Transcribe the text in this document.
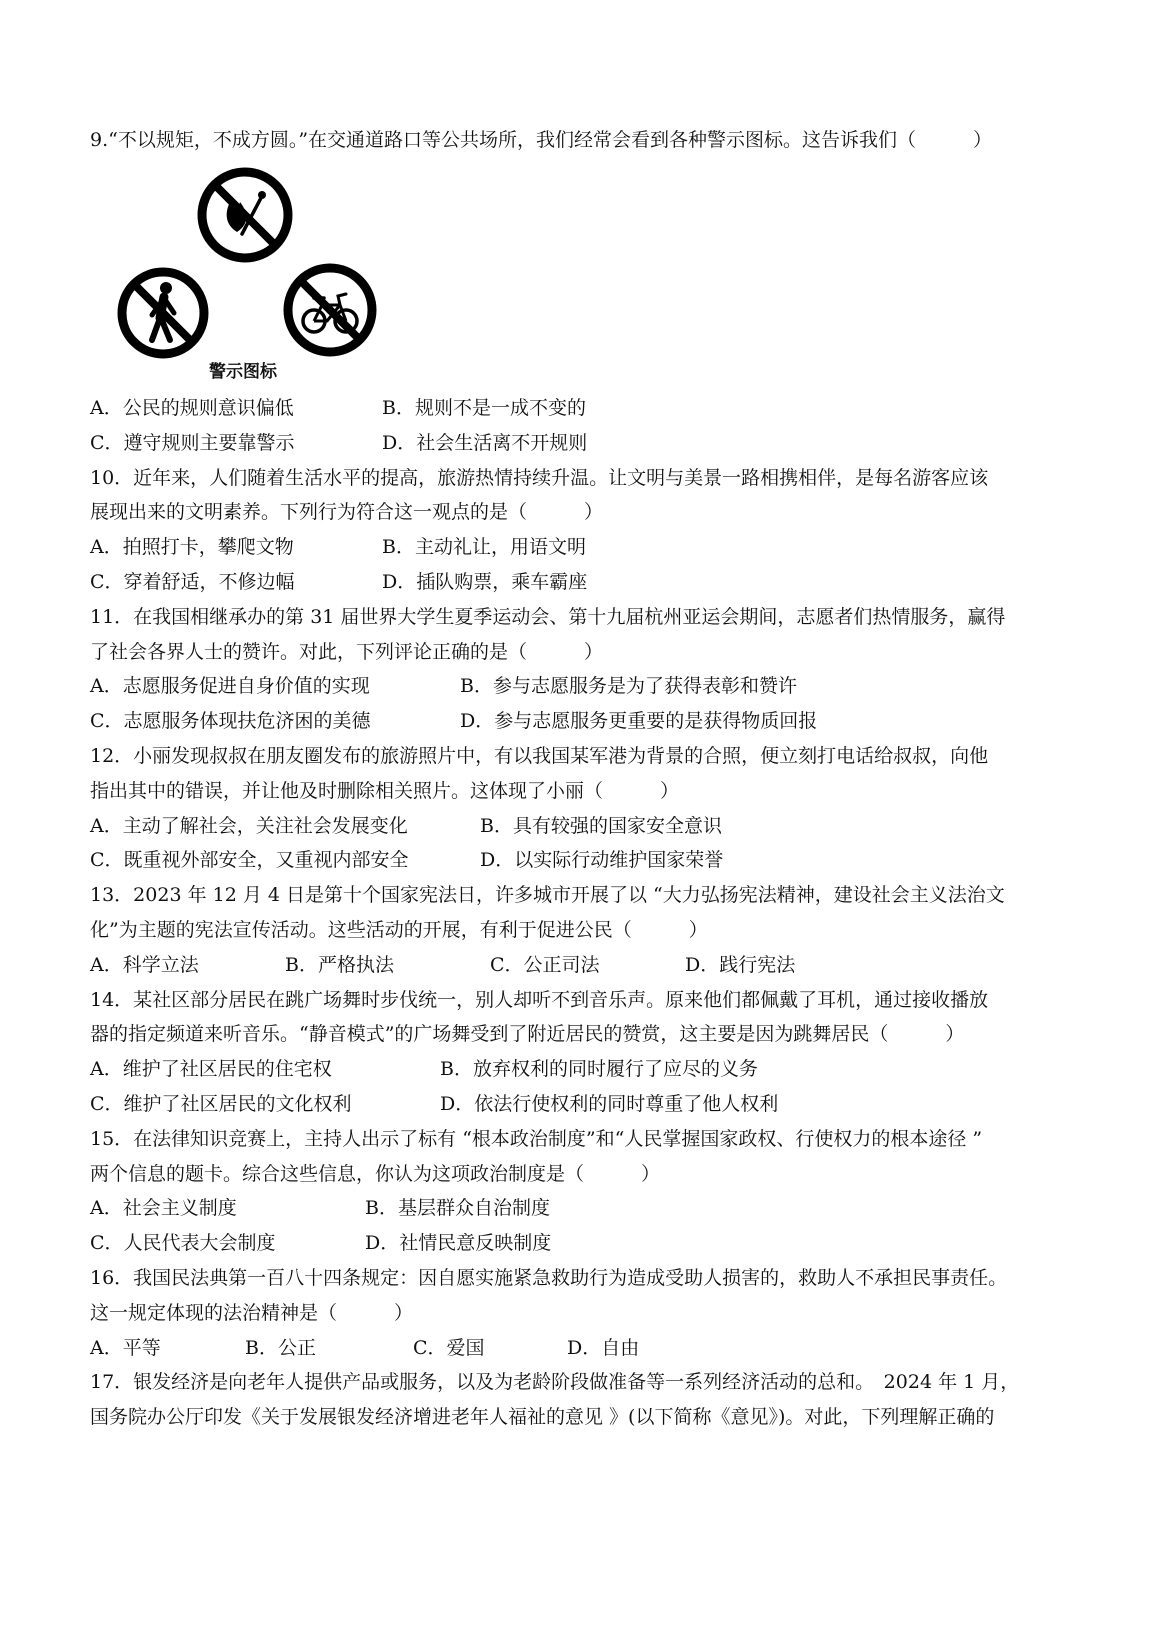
9.“不以规矩，不成方圆。”在交通道路口等公共场所，我们经常会看到各种警示图标。这告诉我们（　　　）
警示图标
A．公民的规则意识偏低	B．规则不是一成不变的
C．遵守规则主要靠警示	D．社会生活离不开规则
10．近年来，人们随着生活水平的提高，旅游热情持续升温。让文明与美景一路相携相伴，是每名游客应该
展现出来的文明素养。下列行为符合这一观点的是（　　　）
A．拍照打卡，攀爬文物	B．主动礼让，用语文明
C．穿着舒适，不修边幅	D．插队购票，乘车霸座
11．在我国相继承办的第 31 届世界大学生夏季运动会、第十九届杭州亚运会期间，志愿者们热情服务，赢得
了社会各界人士的赞许。对此，下列评论正确的是（　　　）
A．志愿服务促进自身价值的实现	B．参与志愿服务是为了获得表彰和赞许
C．志愿服务体现扶危济困的美德	D．参与志愿服务更重要的是获得物质回报
12．小丽发现叔叔在朋友圈发布的旅游照片中，有以我国某军港为背景的合照，便立刻打电话给叔叔，向他
指出其中的错误，并让他及时删除相关照片。这体现了小丽（　　　）
A．主动了解社会，关注社会发展变化	B．具有较强的国家安全意识
C．既重视外部安全，又重视内部安全	D．以实际行动维护国家荣誉
13．2023 年 12 月 4 日是第十个国家宪法日，许多城市开展了以 “大力弘扬宪法精神，建设社会主义法治文
化”为主题的宪法宣传活动。这些活动的开展，有利于促进公民（　　　）
A．科学立法	B．严格执法	C．公正司法	D．践行宪法
14．某社区部分居民在跳广场舞时步伐统一，别人却听不到音乐声。原来他们都佩戴了耳机，通过接收播放
器的指定频道来听音乐。“静音模式”的广场舞受到了附近居民的赞赏，这主要是因为跳舞居民（　　　）
A．维护了社区居民的住宅权	B．放弃权利的同时履行了应尽的义务
C．维护了社区居民的文化权利	D．依法行使权利的同时尊重了他人权利
15．在法律知识竞赛上，主持人出示了标有 “根本政治制度”和“人民掌握国家政权、行使权力的根本途径 ”
两个信息的题卡。综合这些信息，你认为这项政治制度是（　　　）
A．社会主义制度	B．基层群众自治制度
C．人民代表大会制度	D．社情民意反映制度
16．我国民法典第一百八十四条规定：因自愿实施紧急救助行为造成受助人损害的，救助人不承担民事责任。
这一规定体现的法治精神是（　　　）
A．平等	B．公正	C．爱国	D．自由
17．银发经济是向老年人提供产品或服务，以及为老龄阶段做准备等一系列经济活动的总和。　2024 年 1 月，
国务院办公厅印发《关于发展银发经济增进老年人福祉的意见 》(以下简称《意见》)。对此，下列理解正确的
